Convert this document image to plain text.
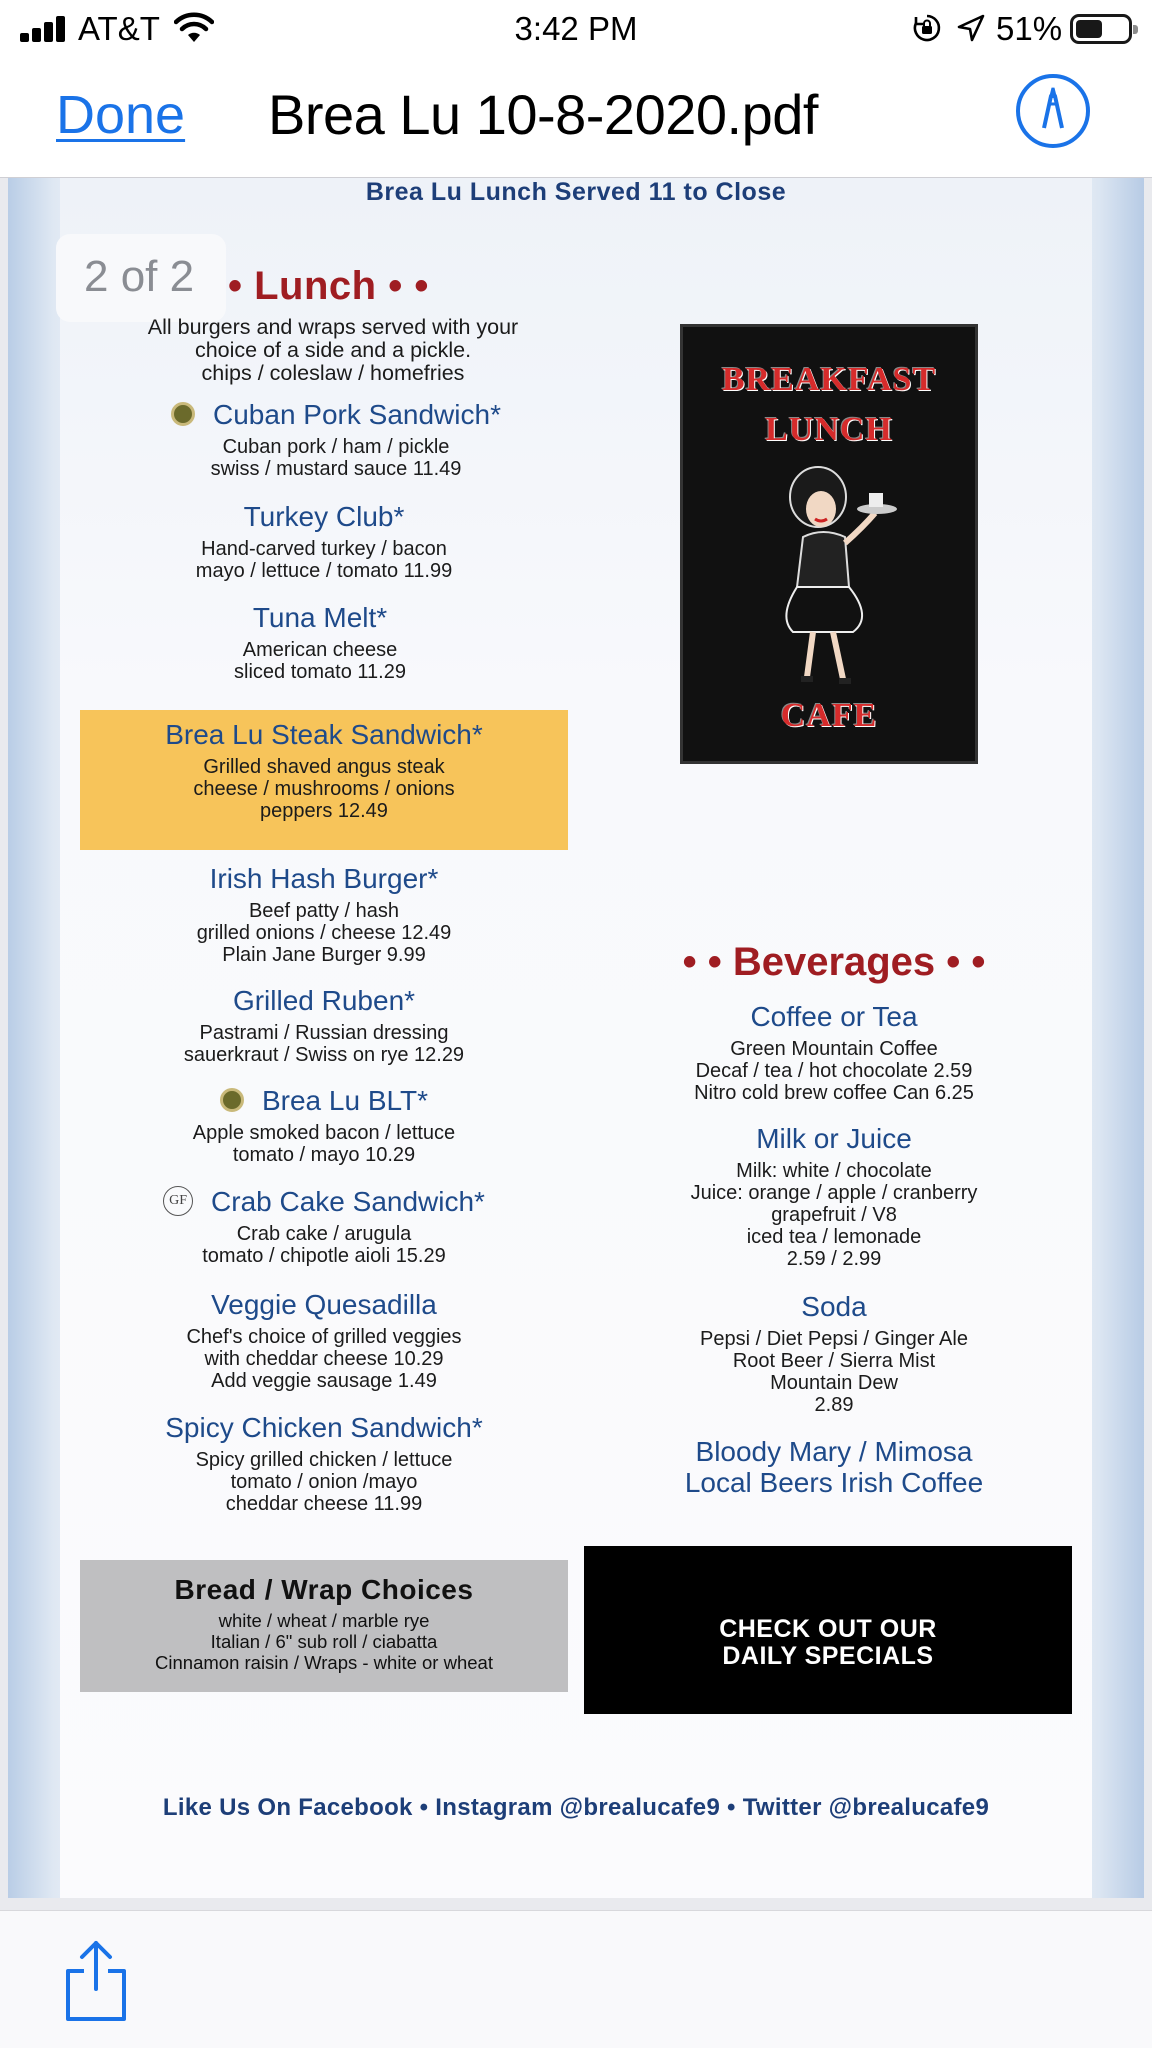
AT&T	3:42 PM	51%
Done Brea Lu 10-8-2020.pdf
Brea Lu Lunch Served 11 to Close
2 of 2 • Lunch • •
All burgers and wraps served with your
choice of a side and a pickle.
chips / coleslaw / homefries
Cuban Pork Sandwich*
Cuban pork / ham / pickle
swiss / mustard sauce 11.49
Turkey Club*
Hand-carved turkey / bacon
mayo / lettuce / tomato 11.99
Tuna Melt*
American cheese
sliced tomato 11.29
Brea Lu Steak Sandwich*
Grilled shaved angus steak
cheese / mushrooms / onions
peppers 12.49
Irish Hash Burger*
Beef patty / hash
grilled onions / cheese 12.49
Plain Jane Burger 9.99
Grilled Ruben*
Pastrami / Russian dressing
sauerkraut / Swiss on rye 12.29
Brea Lu BLT*
Apple smoked bacon / lettuce
tomato / mayo 10.29
GF Crab Cake Sandwich*
Crab cake / arugula
tomato / chipotle aioli 15.29
Veggie Quesadilla
Chef's choice of grilled veggies
with cheddar cheese 10.29
Add veggie sausage 1.49
Spicy Chicken Sandwich*
Spicy grilled chicken / lettuce
tomato / onion /mayo
cheddar cheese 11.99
BREAKFAST
LUNCH
CAFE
• • Beverages • •
Coffee or Tea
Green Mountain Coffee
Decaf / tea / hot chocolate 2.59
Nitro cold brew coffee Can 6.25
Milk or Juice
Milk: white / chocolate
Juice: orange / apple / cranberry
grapefruit / V8
iced tea / lemonade
2.59 / 2.99
Soda
Pepsi / Diet Pepsi / Ginger Ale
Root Beer / Sierra Mist
Mountain Dew
2.89
Bloody Mary / Mimosa
Local Beers Irish Coffee
Bread / Wrap Choices
white / wheat / marble rye
Italian / 6" sub roll / ciabatta
Cinnamon raisin / Wraps - white or wheat
CHECK OUT OUR
DAILY SPECIALS
Like Us On Facebook • Instagram @brealucafe9 • Twitter @brealucafe9
